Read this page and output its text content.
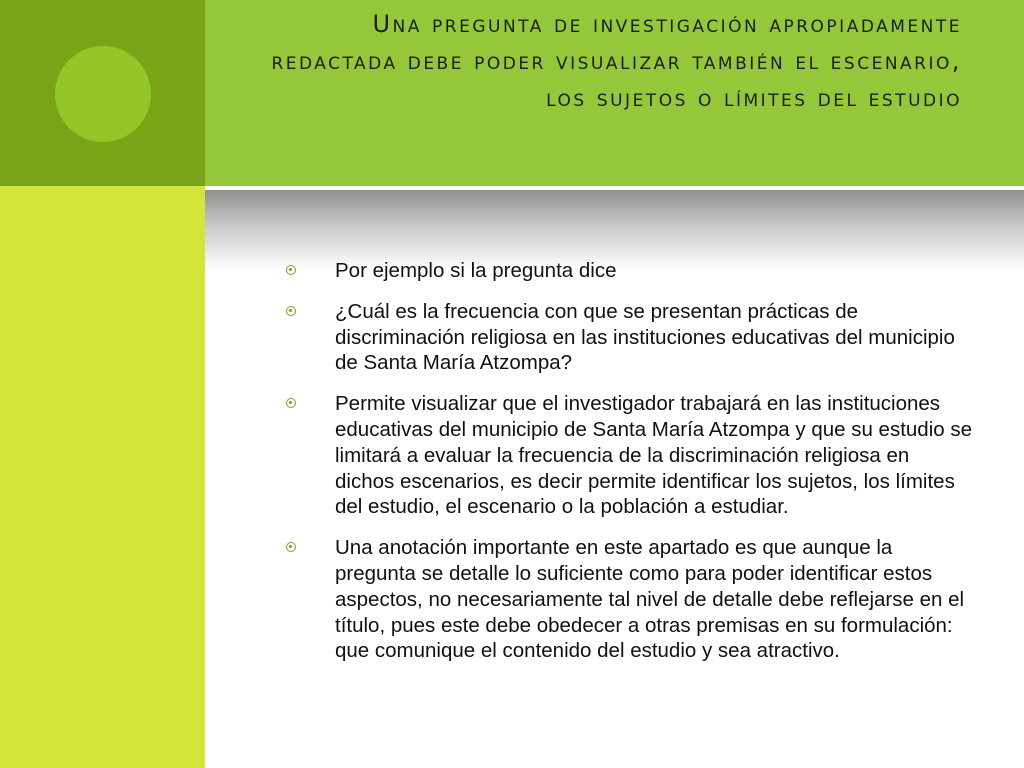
Una pregunta de investigación apropiadamente redactada debe poder visualizar también el escenario, los sujetos o límites del estudio
Por ejemplo si la pregunta dice
¿Cuál es la frecuencia con que se presentan prácticas de discriminación religiosa en las instituciones educativas del municipio de Santa María Atzompa?
Permite visualizar que el investigador trabajará en las instituciones educativas del municipio de Santa María Atzompa y que su estudio se limitará a evaluar la frecuencia de la discriminación religiosa en dichos escenarios, es decir permite identificar los sujetos, los límites del estudio, el escenario o la población a estudiar.
Una anotación importante en este apartado es que aunque la pregunta se detalle lo suficiente como para poder identificar estos aspectos, no necesariamente tal nivel de detalle debe reflejarse en el título, pues este debe obedecer a otras premisas en su formulación: que comunique el contenido del estudio y sea atractivo.
